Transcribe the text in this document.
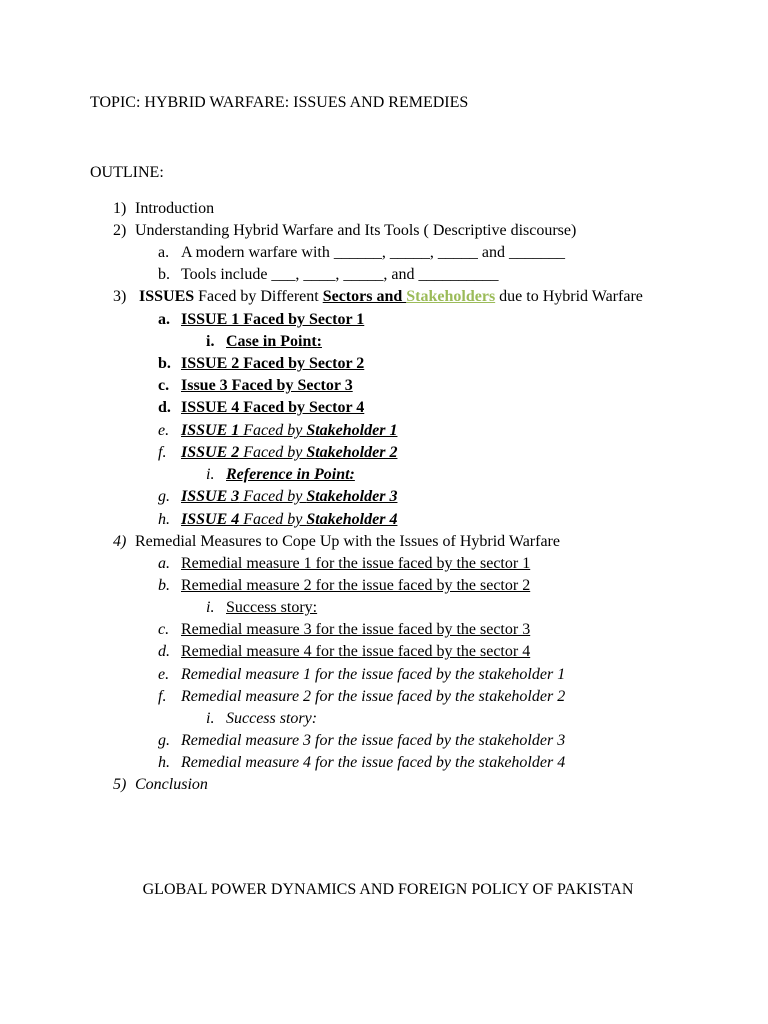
TOPIC: HYBRID WARFARE: ISSUES AND REMEDIES
OUTLINE:
1) Introduction
2) Understanding Hybrid Warfare and Its Tools ( Descriptive discourse)
a. A modern warfare with ______, _____, _____ and _______
b. Tools include ___, ____, _____, and __________
3) ISSUES Faced by Different Sectors and Stakeholders due to Hybrid Warfare
a. ISSUE 1 Faced by Sector 1
i. Case in Point:
b. ISSUE 2 Faced by Sector 2
c. Issue 3 Faced by Sector 3
d. ISSUE 4 Faced by Sector 4
e. ISSUE 1 Faced by Stakeholder 1
f. ISSUE 2 Faced by Stakeholder 2
i. Reference in Point:
g. ISSUE 3 Faced by Stakeholder 3
h. ISSUE 4 Faced by Stakeholder 4
4) Remedial Measures to Cope Up with the Issues of Hybrid Warfare
a. Remedial measure 1 for the issue faced by the sector 1
b. Remedial measure 2 for the issue faced by the sector 2
i. Success story:
c. Remedial measure 3 for the issue faced by the sector 3
d. Remedial measure 4 for the issue faced by the sector 4
e. Remedial measure 1 for the issue faced by the stakeholder 1
f. Remedial measure 2 for the issue faced by the stakeholder 2
i. Success story:
g. Remedial measure 3 for the issue faced by the stakeholder 3
h. Remedial measure 4 for the issue faced by the stakeholder 4
5) Conclusion
GLOBAL POWER DYNAMICS AND FOREIGN POLICY OF PAKISTAN
